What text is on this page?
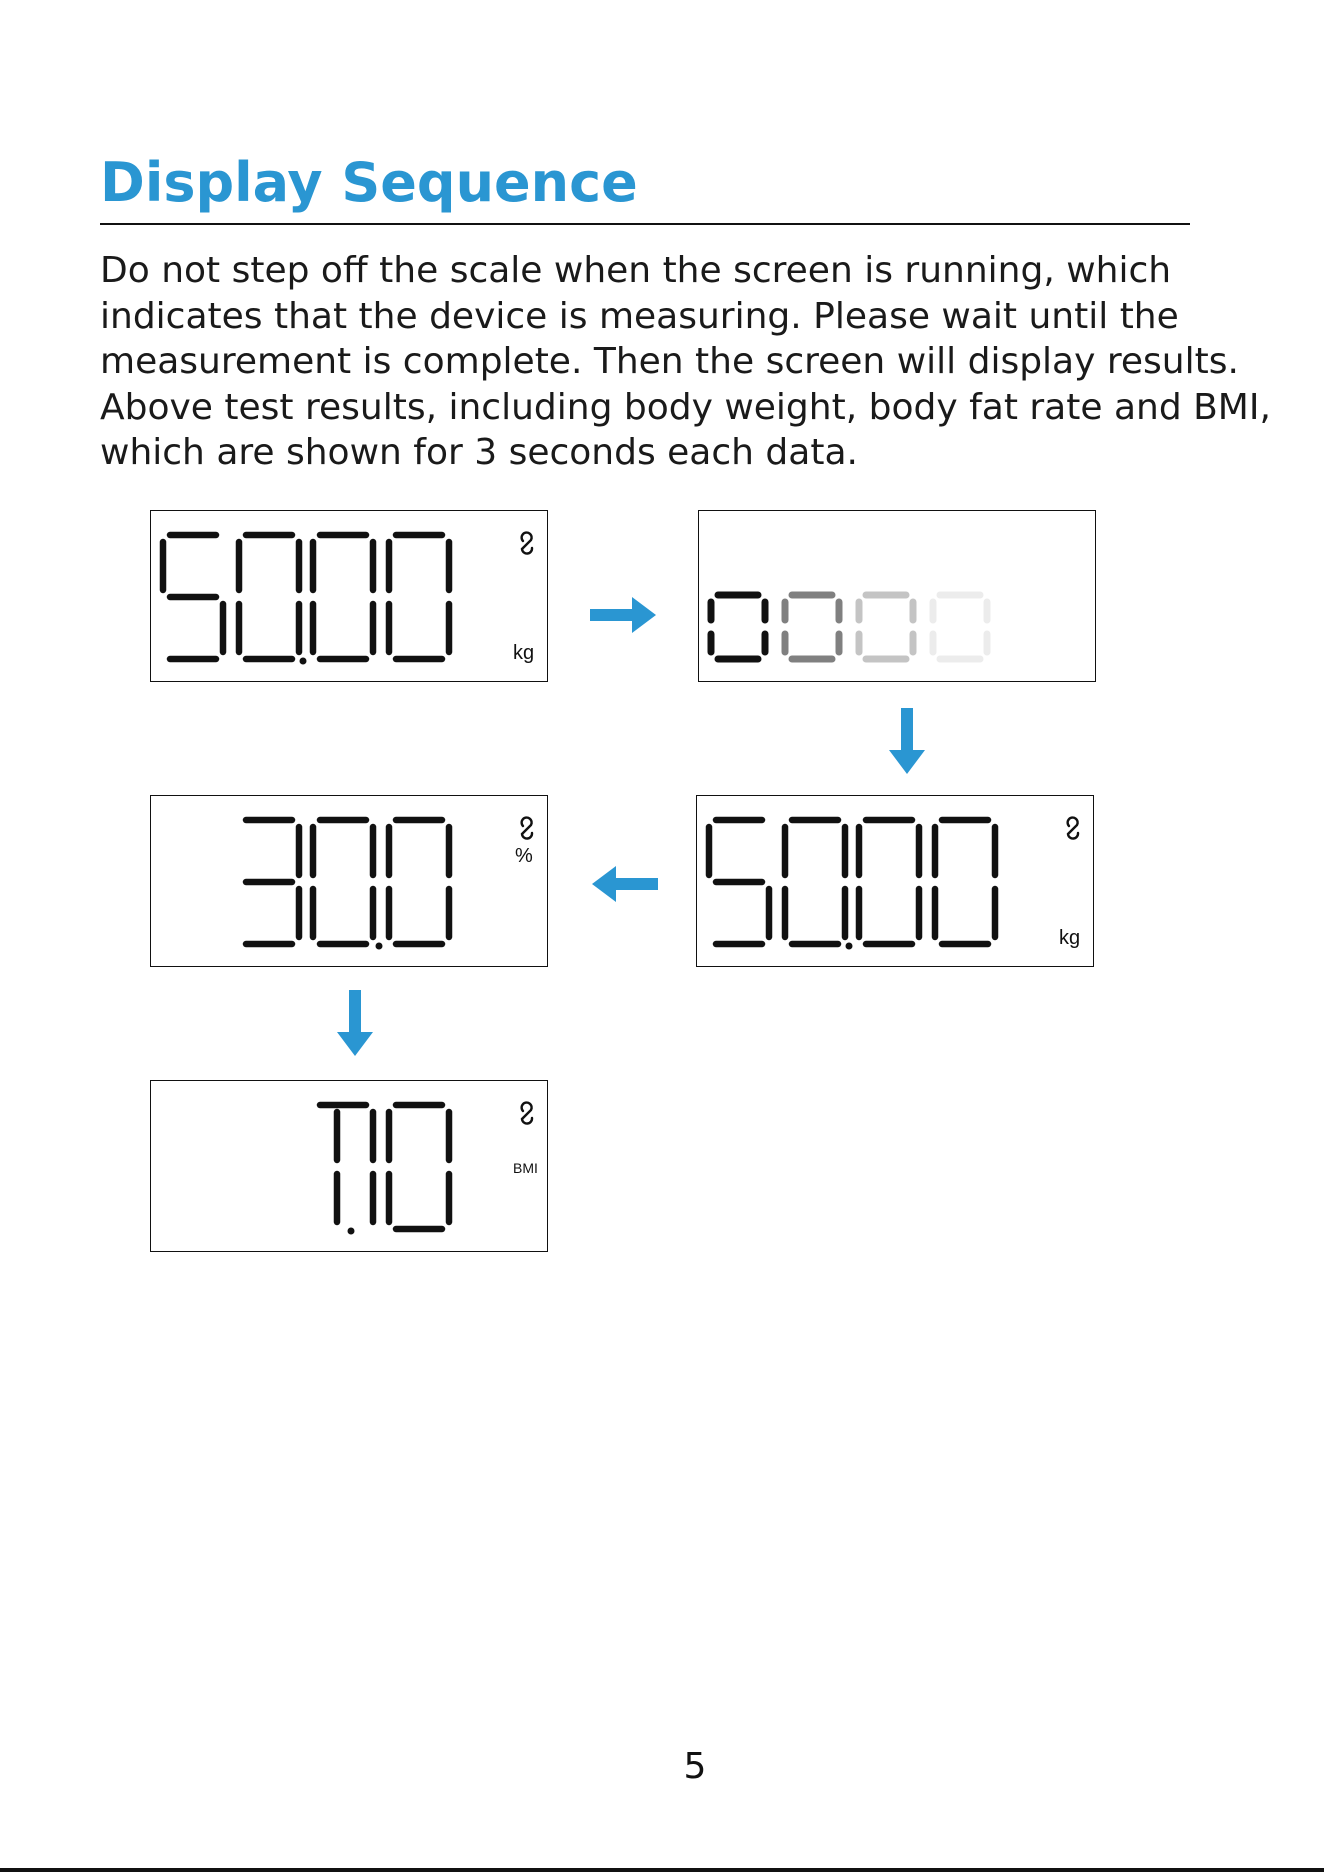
Display Sequence

Do not step off the scale when the screen is running, which
indicates that the device is measuring. Please wait until the
measurement is complete. Then the screen will display results.
Above test results, including body weight, body fat rate and BMI,
which are shown for 3 seconds each data.

kg
kg
%
BMI
5
